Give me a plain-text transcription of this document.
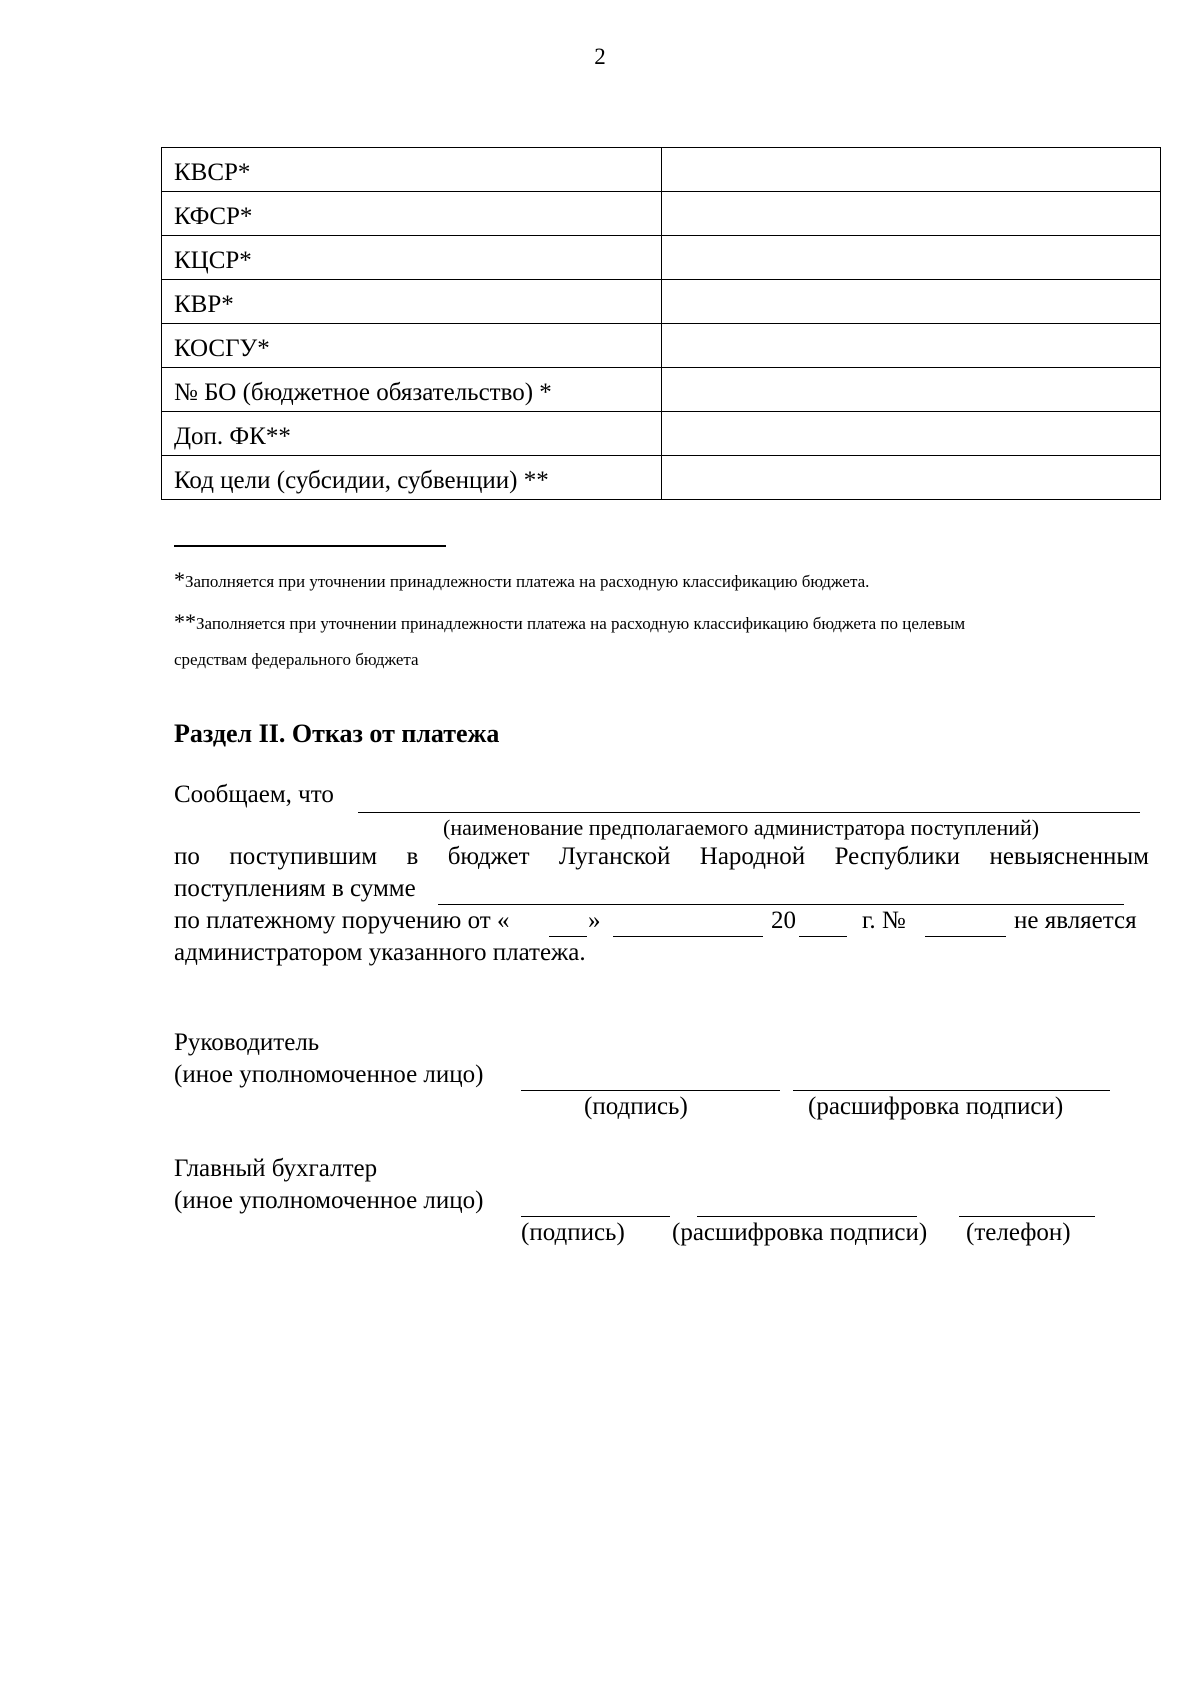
2
КВСР*	
КФСР*	
КЦСР*	
КВР*	
КОСГУ*	
№ БО (бюджетное обязательство) *	
Доп. ФК**	
Код цели (субсидии, субвенции) **	
*Заполняется при уточнении принадлежности платежа на расходную классификацию бюджета.
**Заполняется при уточнении принадлежности платежа на расходную классификацию бюджета по целевым
средствам федерального бюджета
Раздел II. Отказ от платежа
Сообщаем, что
(наименование предполагаемого администратора поступлений)
по поступившим в бюджет Луганской Народной Республики невыясненным
поступлениям в сумме
по платежному поручению от «	»	20	г. №	не является
администратором указанного платежа.
Руководитель
(иное уполномоченное лицо)
(подпись)	(расшифровка подписи)
Главный бухгалтер
(иное уполномоченное лицо)
(подпись) (расшифровка подписи) (телефон)
